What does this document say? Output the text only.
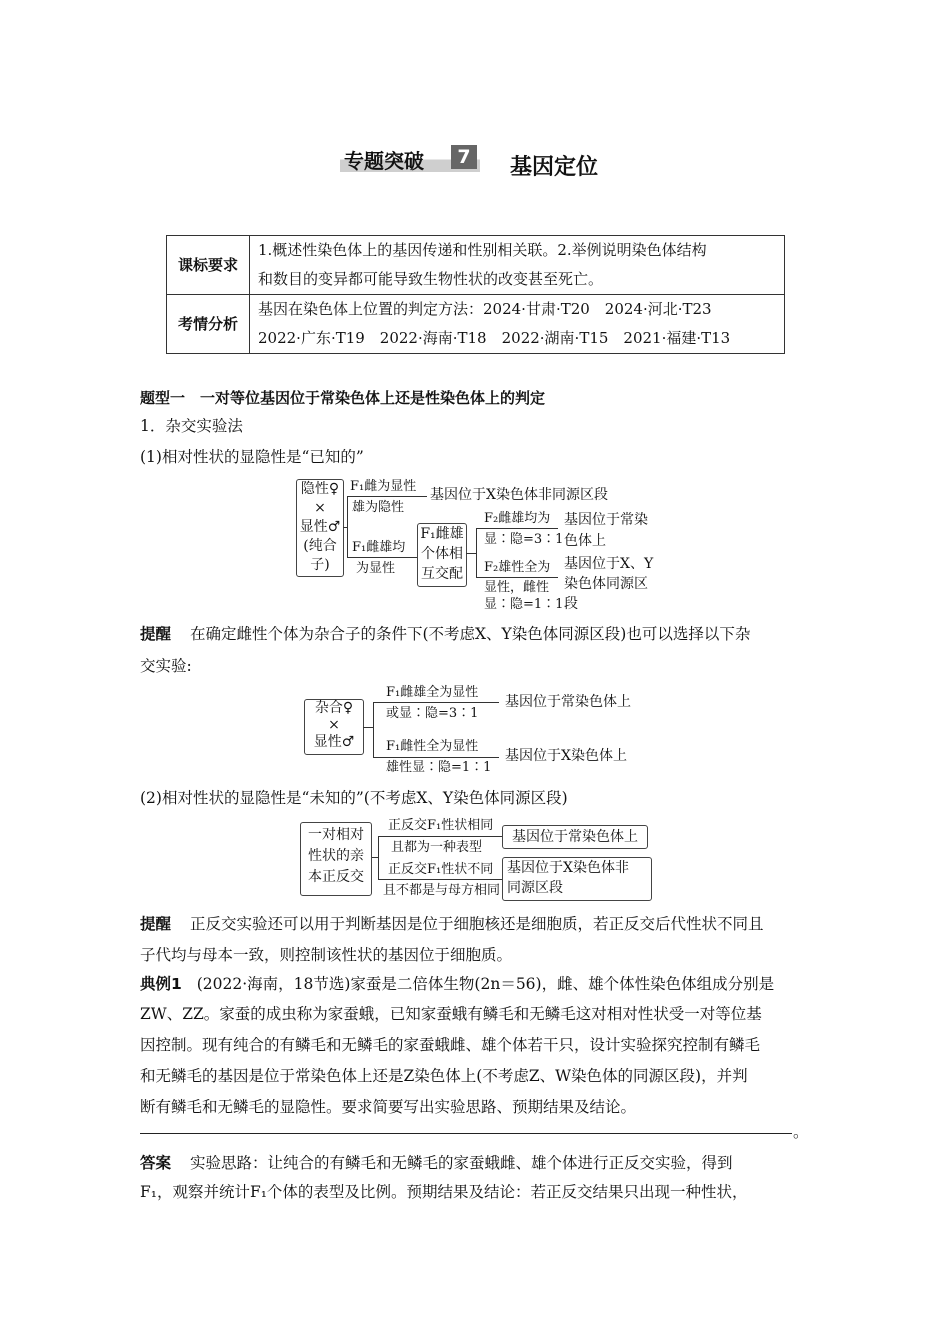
专题突破	7 基因定位
课标要求	1.概述性染色体上的基因传递和性别相关联。2.举例说明染色体结构
和数目的变异都可能导致生物性状的改变甚至死亡。

考情分析	基因在染色体上位置的判定方法：2024·甘肃·T20　2024·河北·T23
2022·广东·T19　2022·海南·T18　2022·湖南·T15　2021·福建·T13
题型一　一对等位基因位于常染色体上还是性染色体上的判定
1．杂交实验法
(1)相对性状的显隐性是“已知的”
隐性♀
×
显性♂
(纯合
子)
F₁雌为显性
雄为隐性
基因位于X染色体非同源区段
F₁雌雄均
为显性
F₁雌雄
个体相
互交配
F₂雌雄均为
显∶隐=3∶1
基因位于常染
色体上
F₂雄性全为
显性，雌性
显∶隐=1∶1
基因位于X、Y
染色体同源区
段
提醒 在确定雌性个体为杂合子的条件下(不考虑X、Y染色体同源区段)也可以选择以下杂
交实验:
杂合♀
×
显性♂
F₁雌雄全为显性
或显∶隐=3∶1
基因位于常染色体上
F₁雌性全为显性
雄性显∶隐=1∶1
基因位于X染色体上
(2)相对性状的显隐性是“未知的”(不考虑X、Y染色体同源区段)
一对相对
性状的亲
本正反交
正反交F₁性状相同
且都为一种表型
基因位于常染色体上
正反交F₁性状不同
且不都是与母方相同
基因位于X染色体非
同源区段
提醒 正反交实验还可以用于判断基因是位于细胞核还是细胞质，若正反交后代性状不同且
子代均与母本一致，则控制该性状的基因位于细胞质。
典例1 (2022·海南，18节选)家蚕是二倍体生物(2n＝56)，雌、雄个体性染色体组成分别是
ZW、ZZ。家蚕的成虫称为家蚕蛾，已知家蚕蛾有鳞毛和无鳞毛这对相对性状受一对等位基
因控制。现有纯合的有鳞毛和无鳞毛的家蚕蛾雌、雄个体若干只，设计实验探究控制有鳞毛
和无鳞毛的基因是位于常染色体上还是Z染色体上(不考虑Z、W染色体的同源区段)，并判
断有鳞毛和无鳞毛的显隐性。要求简要写出实验思路、预期结果及结论。
。
答案 实验思路：让纯合的有鳞毛和无鳞毛的家蚕蛾雌、雄个体进行正反交实验，得到
F₁，观察并统计F₁个体的表型及比例。预期结果及结论：若正反交结果只出现一种性状，
